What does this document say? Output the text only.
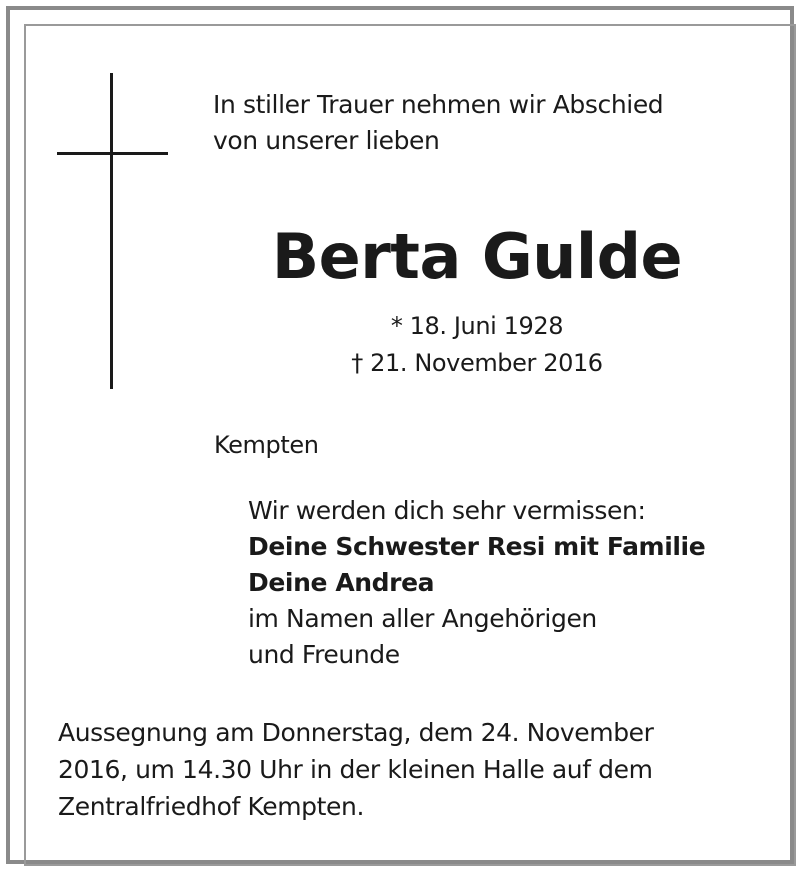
In stiller Trauer nehmen wir Abschied
von unserer lieben
Berta Gulde
* 18. Juni 1928
† 21. November 2016
Kempten
Wir werden dich sehr vermissen:
Deine Schwester Resi mit Familie
Deine Andrea
im Namen aller Angehörigen
und Freunde
Aussegnung am Donnerstag, dem 24. November
2016, um 14.30 Uhr in der kleinen Halle auf dem
Zentralfriedhof Kempten.
